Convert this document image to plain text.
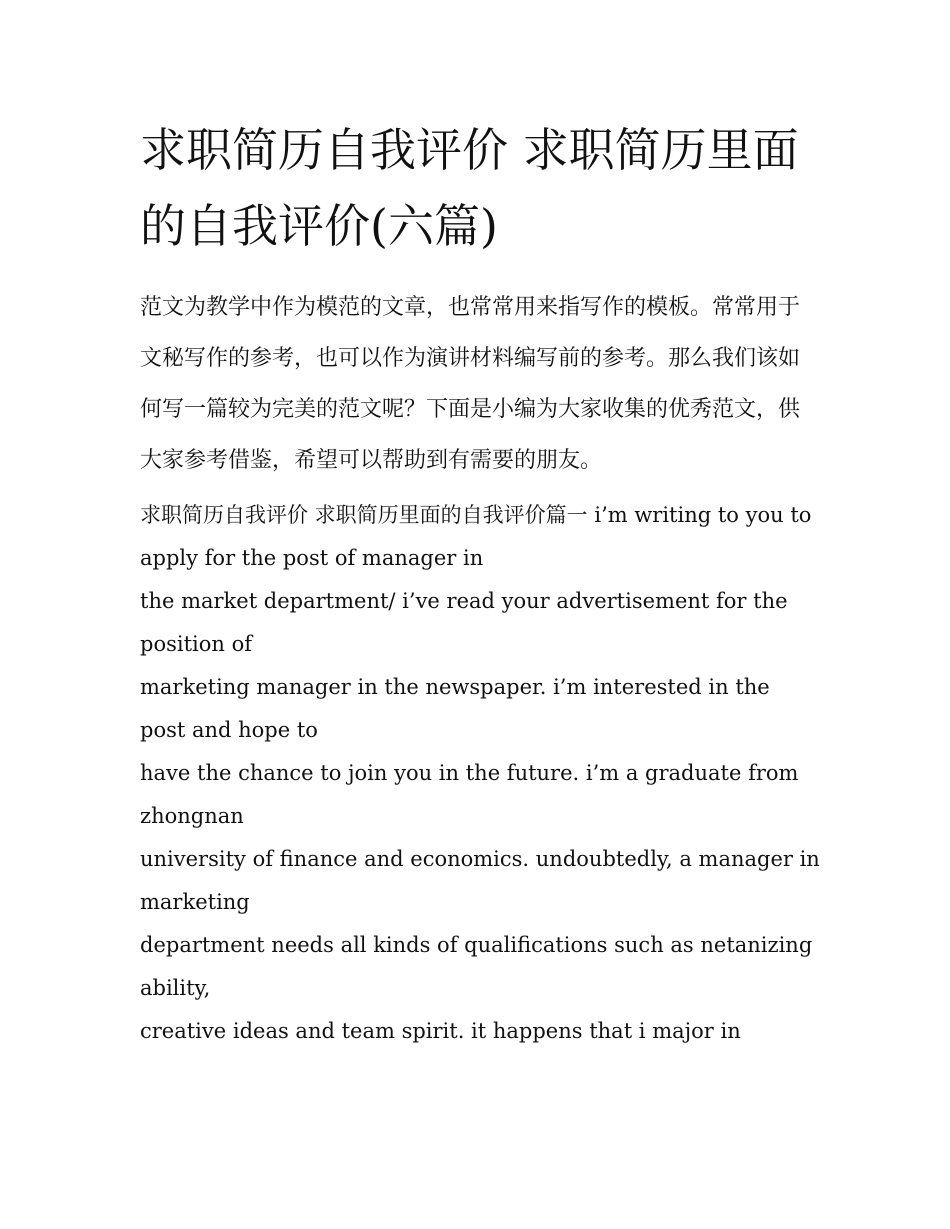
求职简历自我评价 求职简历里面的自我评价(六篇)

范文为教学中作为模范的文章，也常常用来指写作的模板。常常用于文秘写作的参考，也可以作为演讲材料编写前的参考。那么我们该如何写一篇较为完美的范文呢？下面是小编为大家收集的优秀范文，供大家参考借鉴，希望可以帮助到有需要的朋友。

求职简历自我评价 求职简历里面的自我评价篇一 i’m writing to you to apply for the post of manager in
the market department/ i’ve read your advertisement for the position of
marketing manager in the newspaper. i’m interested in the post and hope to
have the chance to join you in the future. i’m a graduate from zhongnan
university of finance and economics. undoubtedly, a manager in marketing
department needs all kinds of qualifications such as netanizing ability,
creative ideas and team spirit. it happens that i major in
